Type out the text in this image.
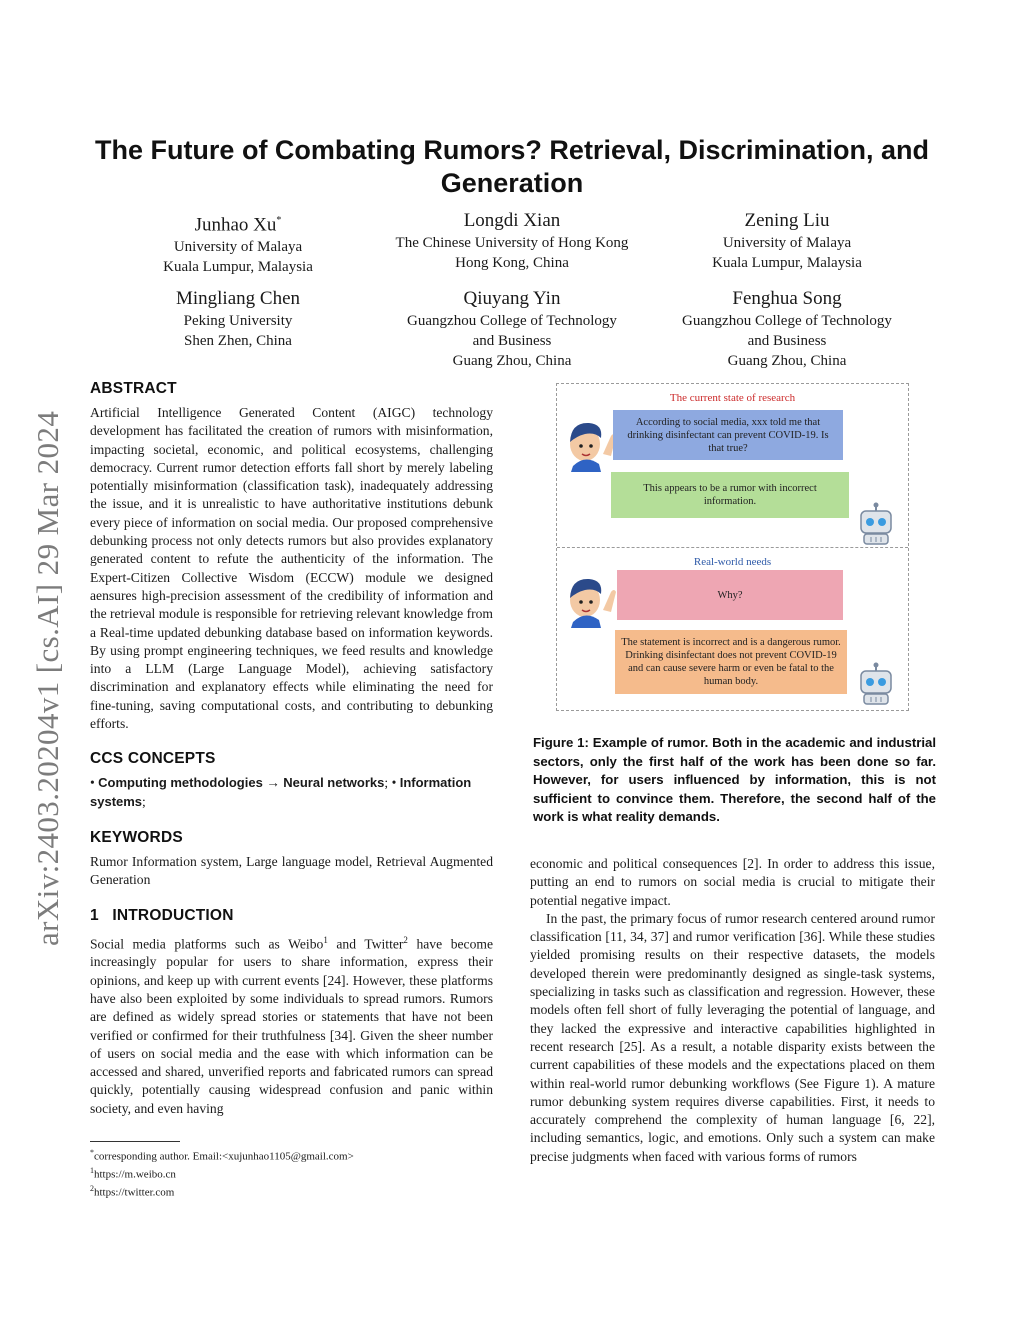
arXiv:2403.20204v1 [cs.AI] 29 Mar 2024
The Future of Combating Rumors? Retrieval, Discrimination, and Generation
Junhao Xu*
University of Malaya
Kuala Lumpur, Malaysia
Longdi Xian
The Chinese University of Hong Kong
Hong Kong, China
Zening Liu
University of Malaya
Kuala Lumpur, Malaysia
Mingliang Chen
Peking University
Shen Zhen, China
Qiuyang Yin
Guangzhou College of Technology
and Business
Guang Zhou, China
Fenghua Song
Guangzhou College of Technology
and Business
Guang Zhou, China
ABSTRACT

Artificial Intelligence Generated Content (AIGC) technology development has facilitated the creation of rumors with misinformation, impacting societal, economic, and political ecosystems, challenging democracy. Current rumor detection efforts fall short by merely labeling potentially misinformation (classification task), inadequately addressing the issue, and it is unrealistic to have authoritative institutions debunk every piece of information on social media. Our proposed comprehensive debunking process not only detects rumors but also provides explanatory generated content to refute the authenticity of the information. The Expert-Citizen Collective Wisdom (ECCW) module we designed aensures high-precision assessment of the credibility of information and the retrieval module is responsible for retrieving relevant knowledge from a Real-time updated debunking database based on information keywords. By using prompt engineering techniques, we feed results and knowledge into a LLM (Large Language Model), achieving satisfactory discrimination and explanatory effects while eliminating the need for fine-tuning, saving computational costs, and contributing to debunking efforts.

CCS CONCEPTS
• Computing methodologies → Neural networks; • Information systems;
KEYWORDS

Rumor Information system, Large language model, Retrieval Augmented Generation

1 INTRODUCTION

Social media platforms such as Weibo$^1$ and Twitter$^2$ have become increasingly popular for users to share information, express their opinions, and keep up with current events [24]. However, these platforms have also been exploited by some individuals to spread rumors. Rumors are defined as widely spread stories or statements that have not been verified or confirmed for their truthfulness [34]. Given the sheer number of users on social media and the ease with which information can be accessed and shared, unverified reports and fabricated rumors can spread quickly, potentially causing widespread confusion and panic within society, and even having

*corresponding author. Email:<xujunhao1105@gmail.com>
$^1$https://m.weibo.cn
$^2$https://twitter.com
The current state of research
According to social media, xxx told me that drinking disinfectant can prevent COVID-19. Is that true?
This appears to be a rumor with incorrect information.
Real-world needs
Why?
The statement is incorrect and is a dangerous rumor. Drinking disinfectant does not prevent COVID-19 and can cause severe harm or even be fatal to the human body.
Figure 1: Example of rumor. Both in the academic and industrial sectors, only the first half of the work has been done so far. However, for users influenced by information, this is not sufficient to convince them. Therefore, the second half of the work is what reality demands.

economic and political consequences [2]. In order to address this issue, putting an end to rumors on social media is crucial to mitigate their potential negative impact.

In the past, the primary focus of rumor research centered around rumor classification [11, 34, 37] and rumor verification [36]. While these studies yielded promising results on their respective datasets, the models developed therein were predominantly designed as single-task systems, specializing in tasks such as classification and regression. However, these models often fell short of fully leveraging the potential of language, and they lacked the expressive and interactive capabilities highlighted in recent research [25]. As a result, a notable disparity exists between the current capabilities of these models and the expectations placed on them within real-world rumor debunking workflows (See Figure 1). A mature rumor debunking system requires diverse capabilities. First, it needs to accurately comprehend the complexity of human language [6, 22], including semantics, logic, and emotions. Only such a system can make precise judgments when faced with various forms of rumors
